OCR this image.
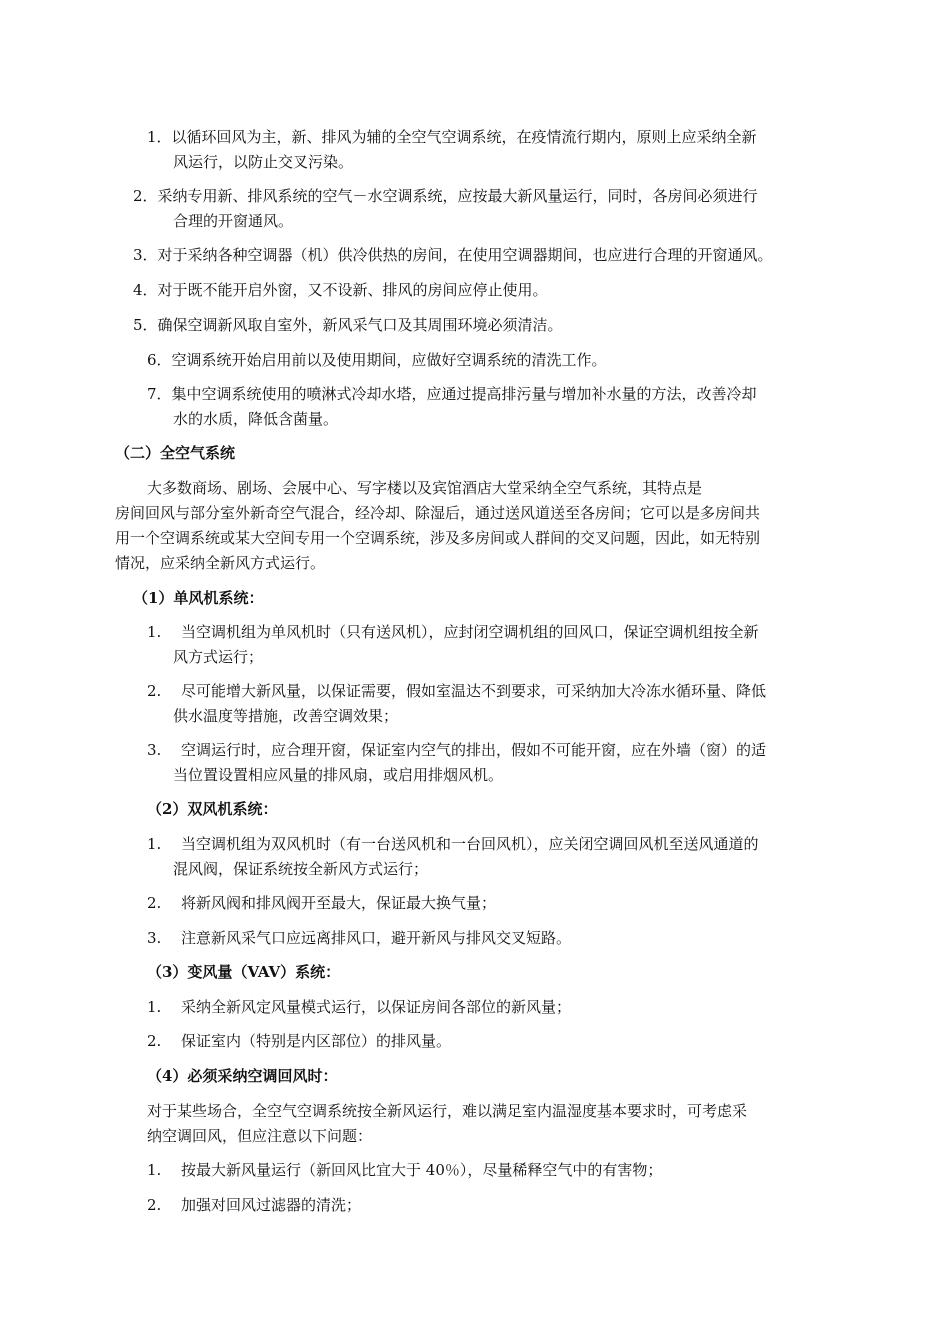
1．以循环回风为主，新、排风为辅的全空气空调系统，在疫情流行期内，原则上应采纳全新
风运行，以防止交叉污染。
2．采纳专用新、排风系统的空气－水空调系统，应按最大新风量运行，同时，各房间必须进行
合理的开窗通风。
3．对于采纳各种空调器（机）供冷供热的房间，在使用空调器期间，也应进行合理的开窗通风。
4．对于既不能开启外窗，又不设新、排风的房间应停止使用。
5．确保空调新风取自室外，新风采气口及其周围环境必须清洁。
6．空调系统开始启用前以及使用期间，应做好空调系统的清洗工作。
7．集中空调系统使用的喷淋式冷却水塔，应通过提高排污量与增加补水量的方法，改善冷却
水的水质，降低含菌量。
（二）全空气系统
大多数商场、剧场、会展中心、写字楼以及宾馆酒店大堂采纳全空气系统，其特点是
房间回风与部分室外新奇空气混合，经冷却、除湿后，通过送风道送至各房间；它可以是多房间共
用一个空调系统或某大空间专用一个空调系统，涉及多房间或人群间的交叉问题，因此，如无特别
情况，应采纳全新风方式运行。
（1）单风机系统：
1. 当空调机组为单风机时（只有送风机），应封闭空调机组的回风口，保证空调机组按全新
风方式运行；
2. 尽可能增大新风量，以保证需要，假如室温达不到要求，可采纳加大冷冻水循环量、降低
供水温度等措施，改善空调效果；
3. 空调运行时，应合理开窗，保证室内空气的排出，假如不可能开窗，应在外墙（窗）的适
当位置设置相应风量的排风扇，或启用排烟风机。
（2）双风机系统：
1. 当空调机组为双风机时（有一台送风机和一台回风机），应关闭空调回风机至送风通道的
混风阀，保证系统按全新风方式运行；
2. 将新风阀和排风阀开至最大，保证最大换气量；
3. 注意新风采气口应远离排风口，避开新风与排风交叉短路。
（3）变风量（VAV）系统：
1. 采纳全新风定风量模式运行，以保证房间各部位的新风量；
2. 保证室内（特别是内区部位）的排风量。
（4）必须采纳空调回风时：
对于某些场合，全空气空调系统按全新风运行，难以满足室内温湿度基本要求时，可考虑采
纳空调回风，但应注意以下问题：
1. 按最大新风量运行（新回风比宜大于 40％），尽量稀释空气中的有害物；
2. 加强对回风过滤器的清洗；
